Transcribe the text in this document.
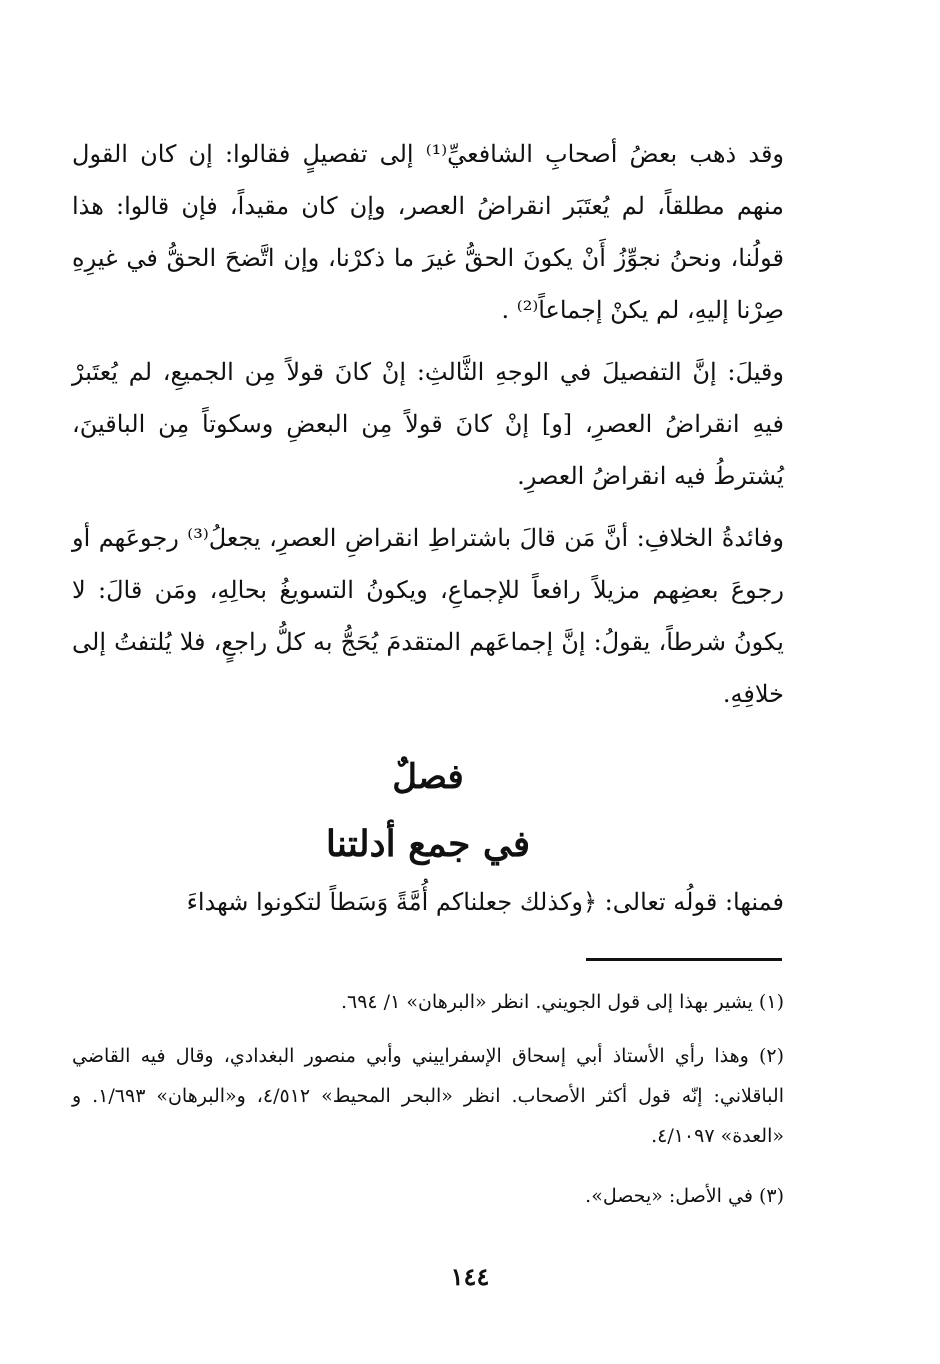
وقد ذهب بعضُ أصحابِ الشافعيِّ⁽¹⁾ إلى تفصيلٍ فقالوا: إن كان القول منهم مطلقاً، لم يُعتَبَر انقراضُ العصر، وإن كان مقيداً، فإن قالوا: هذا قولُنا، ونحنُ نجوِّزُ أَنْ يكونَ الحقُّ غيرَ ما ذكرْنا، وإن اتَّضحَ الحقُّ في غيرِهِ صِرْنا إليهِ، لم يكنْ إجماعاً⁽²⁾ .

وقيلَ: إنَّ التفصيلَ في الوجهِ الثَّالثِ: إنْ كانَ قولاً مِن الجميعِ، لم يُعتَبرْ فيهِ انقراضُ العصرِ، [و] إنْ كانَ قولاً مِن البعضِ وسكوتاً مِن الباقينَ، يُشترطُ فيه انقراضُ العصرِ.

وفائدةُ الخلافِ: أنَّ مَن قالَ باشتراطِ انقراضِ العصرِ، يجعلُ⁽³⁾ رجوعَهم أو رجوعَ بعضِهم مزيلاً رافعاً للإجماعِ، ويكونُ التسويغُ بحالِهِ، ومَن قالَ: لا يكونُ شرطاً، يقولُ: إنَّ إجماعَهم المتقدمَ يُحَجُّ به كلُّ راجعٍ، فلا يُلتفتُ إلى خلافِهِ.

فصلٌ
في جمع أدلتنا

فمنها: قولُه تعالى: ﴿وكذلك جعلناكم أُمَّةً وَسَطاً لتكونوا شهداءَ

(١) يشير بهذا إلى قول الجويني. انظر «البرهان» ١/ ٦٩٤.

(٢) وهذا رأي الأستاذ أبي إسحاق الإسفراييني وأبي منصور البغدادي، وقال فيه القاضي الباقلاني: إنّه قول أكثر الأصحاب. انظر «البحر المحيط» ٤/٥١٢، و«البرهان» ١/٦٩٣. و «العدة» ٤/١٠٩٧.

(٣) في الأصل: «يحصل».

١٤٤
